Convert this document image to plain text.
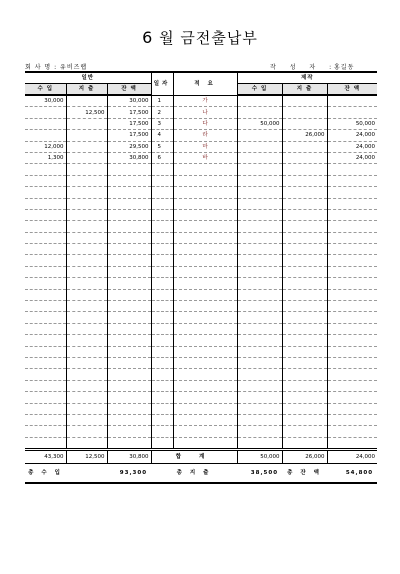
6 월 금전출납부
회 사 명 : 유비즈랩	작 성 자 :
홍길동
일반			일자	적 요	제작		
수 입	지 출	잔 액			수 입	지 출	잔 액
30,000		30,000	1	가			
	12,500	17,500	2	나			
		17,500	3	다	50,000		50,000
		17,500	4	라		26,000	24,000
12,000		29,500	5	마			24,000
1,300		30,800	6	바			24,000

43,300	12,500	30,800	합 계		50,000	26,000	24,000
총 수 입	93,300		총 지 출		38,500	총 잔 액	54,800
